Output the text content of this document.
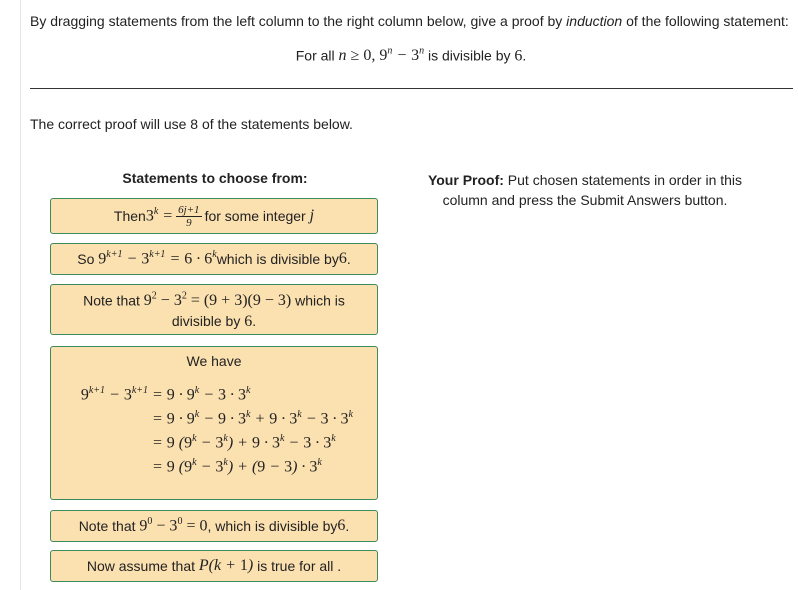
By dragging statements from the left column to the right column below, give a proof by induction of the following statement:
For all n ≥ 0, $9^n - 3^n$ is divisible by 6.
The correct proof will use 8 of the statements below.
Statements to choose from:	Your Proof: Put chosen statements in order in this column and press the Submit Answers button.
Then $3^k = \frac{6j+1}{9}$ for some integer
j
So
$9^{k+1} - 3^{k+1} = 6 \cdot 6^k$ which is divisible by 6 .
Note that $9^2 - 3^2 = (9 + 3)(9 - 3)$ which is
divisible by 6.
We have
$9^{k+1} - 3^{k+1} = 9 \cdot 9^k - 3 \cdot 3^k$
= $9 \cdot 9^k - 9 \cdot 3^k + 9 \cdot 3^k - 3 \cdot 3^k$
= 9 $(9^k - 3^k) + 9 \cdot 3^k - 3 \cdot 3^k$
= 9 $(9^k - 3^k) + (9 - 3) \cdot 3^k$
Note that
$9^0 - 3^0 = 0$ , which is divisible by 6 .
Now assume that
P(k + 1)
is true for all .
